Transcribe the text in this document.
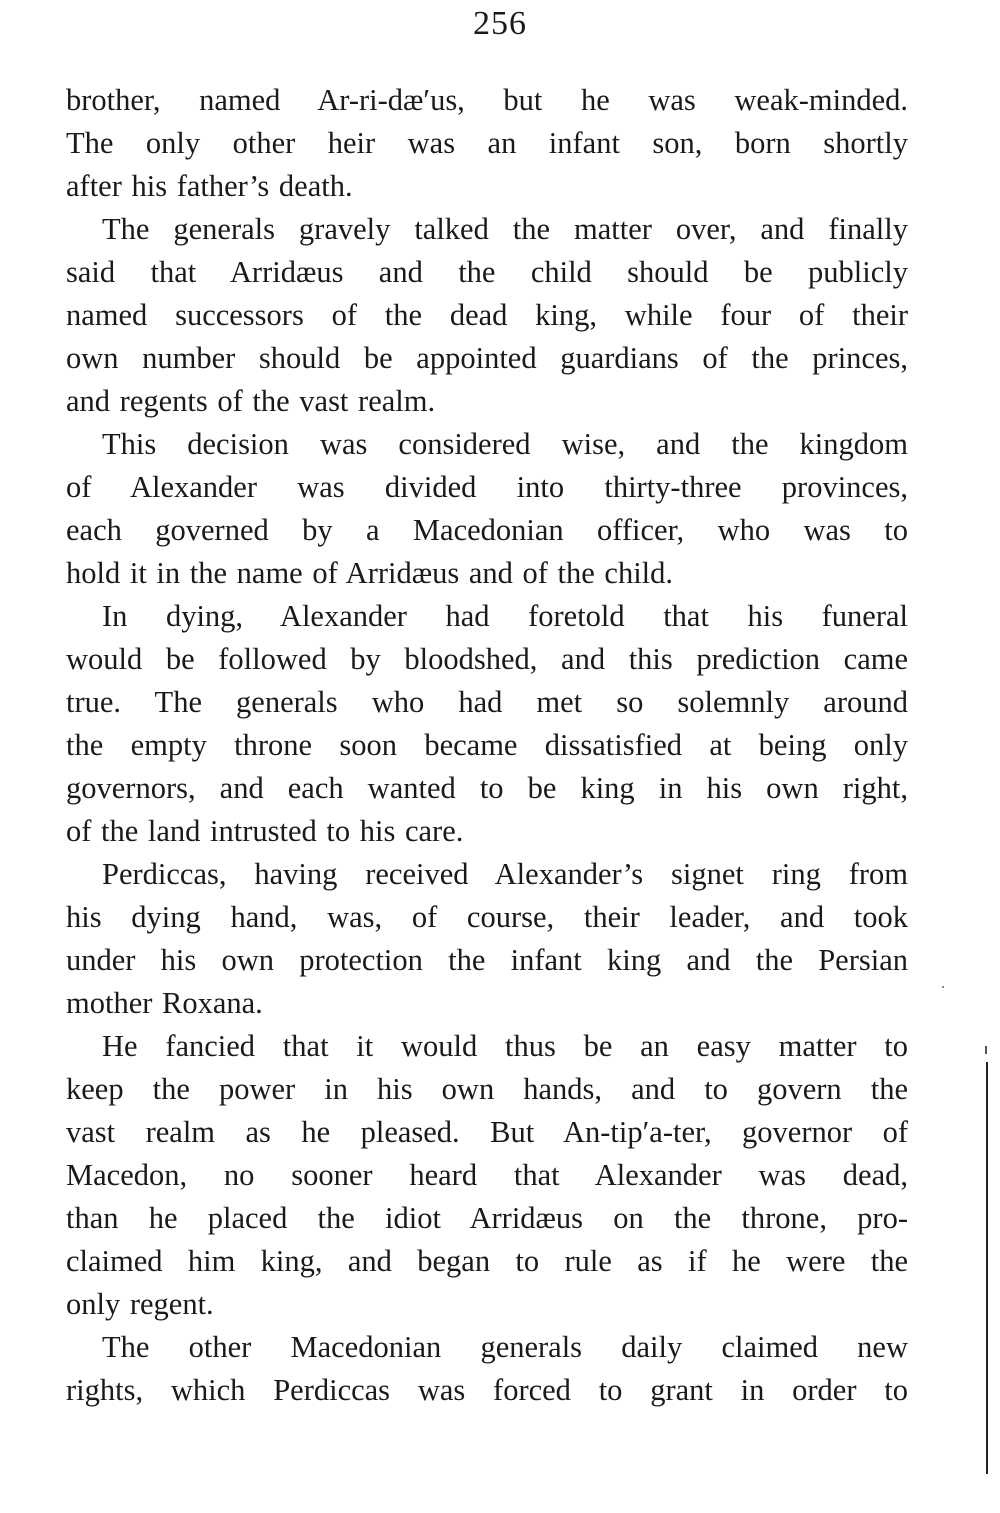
256

brother, named Ar-ri-dæ′us, but he was weak-minded.
The only other heir was an infant son, born shortly
after his father’s death.

The generals gravely talked the matter over, and finally
said that Arridæus and the child should be publicly
named successors of the dead king, while four of their
own number should be appointed guardians of the princes,
and regents of the vast realm.

This decision was considered wise, and the kingdom
of Alexander was divided into thirty-three provinces,
each governed by a Macedonian officer, who was to
hold it in the name of Arridæus and of the child.

In dying, Alexander had foretold that his funeral
would be followed by bloodshed, and this prediction came
true. The generals who had met so solemnly around
the empty throne soon became dissatisfied at being only
governors, and each wanted to be king in his own right,
of the land intrusted to his care.

Perdiccas, having received Alexander’s signet ring from
his dying hand, was, of course, their leader, and took
under his own protection the infant king and the Persian
mother Roxana.

He fancied that it would thus be an easy matter to
keep the power in his own hands, and to govern the
vast realm as he pleased. But An-tip′a-ter, governor of
Macedon, no sooner heard that Alexander was dead,
than he placed the idiot Arridæus on the throne, pro-
claimed him king, and began to rule as if he were the
only regent.

The other Macedonian generals daily claimed new
rights, which Perdiccas was forced to grant in order to
